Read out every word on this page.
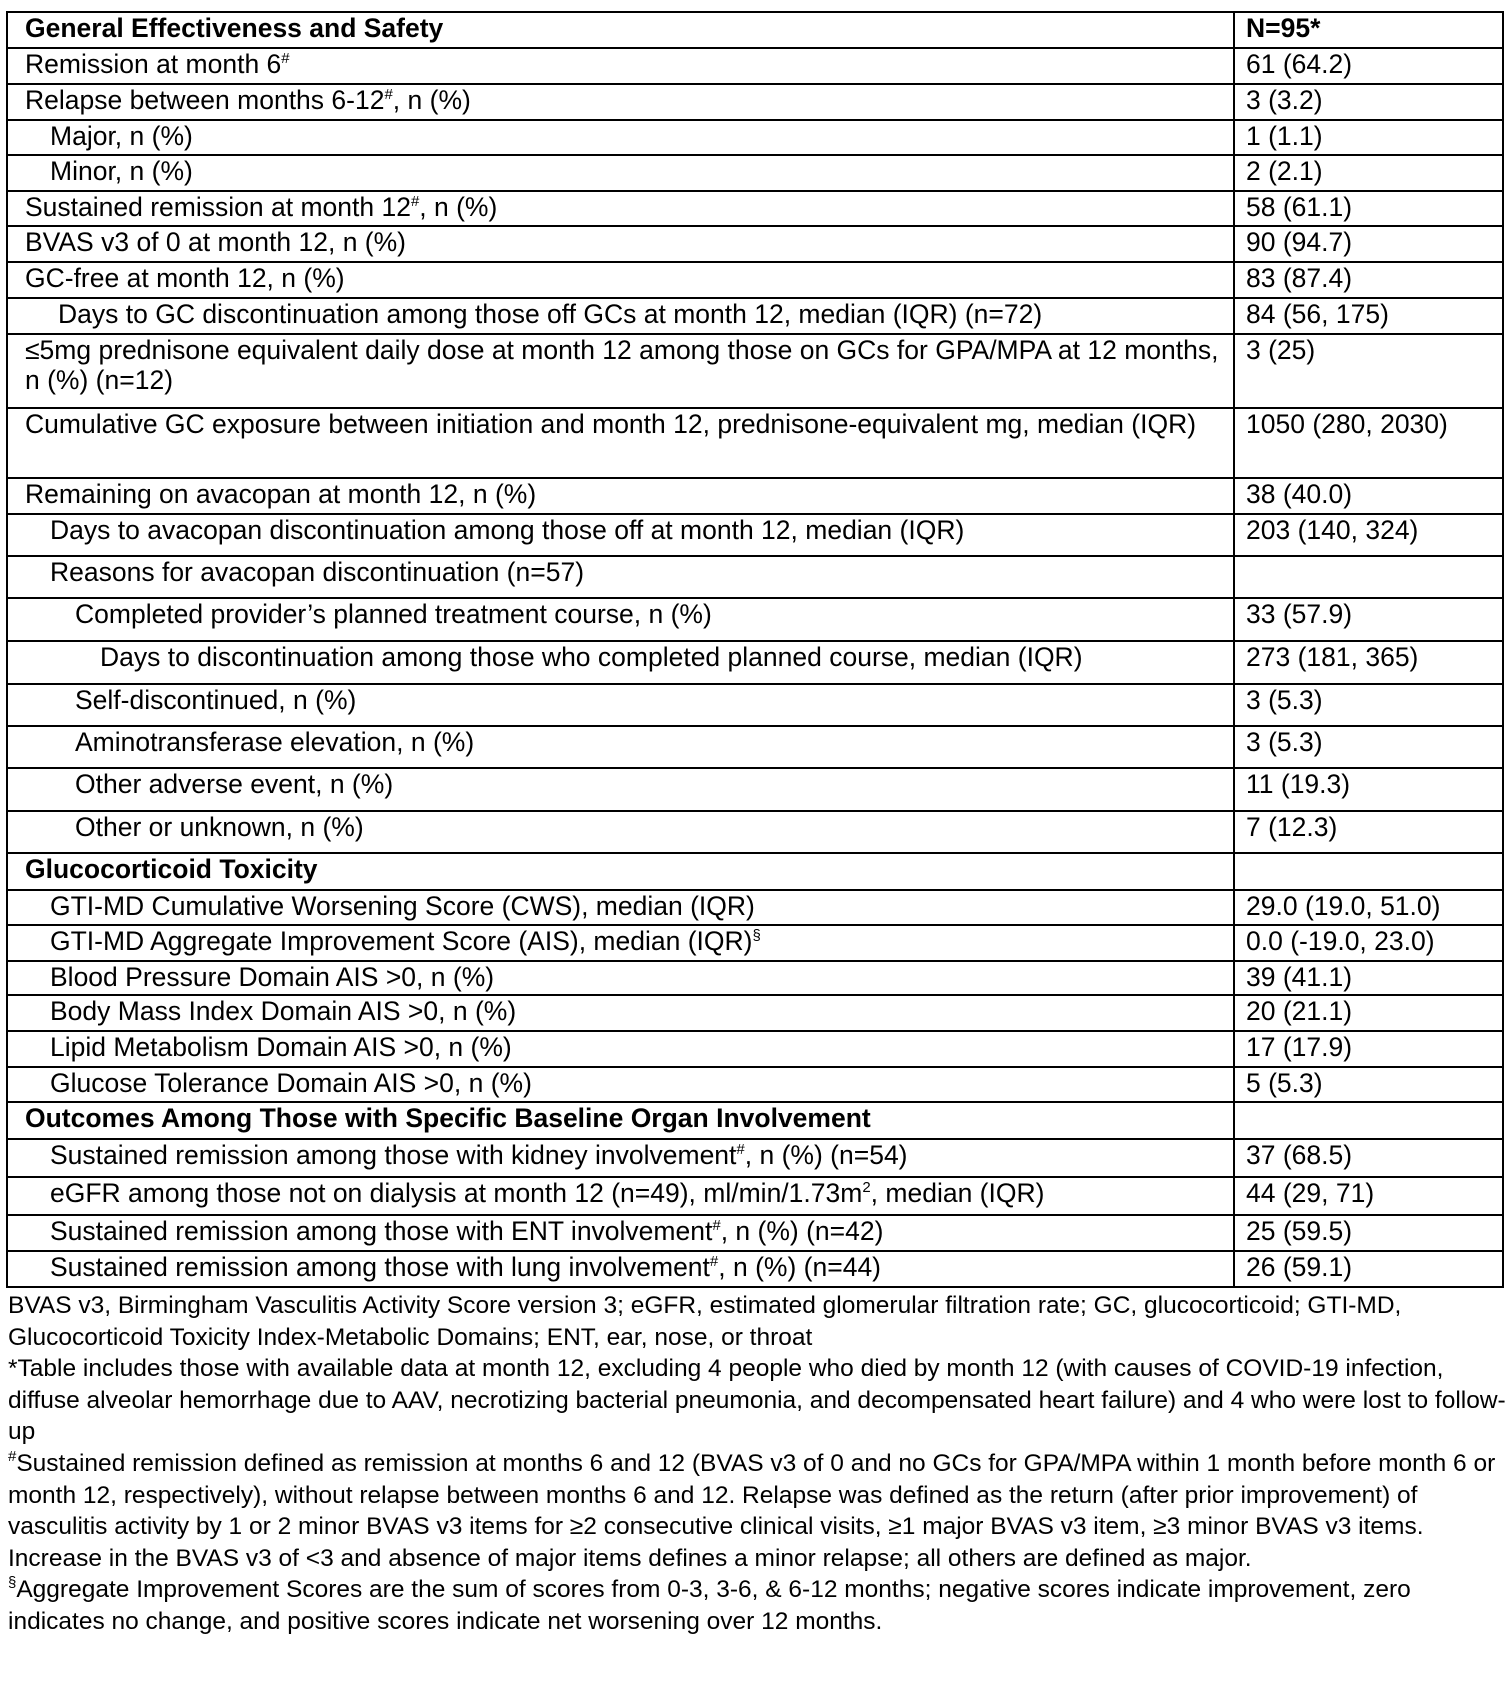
General Effectiveness and Safety	N=95*
Remission at month 6#	61 (64.2)
Relapse between months 6-12#, n (%)	3 (3.2)
Major, n (%)	1 (1.1)
Minor, n (%)	2 (2.1)
Sustained remission at month 12#, n (%)	58 (61.1)
BVAS v3 of 0 at month 12, n (%)	90 (94.7)
GC-free at month 12, n (%)	83 (87.4)
Days to GC discontinuation among those off GCs at month 12, median (IQR) (n=72)	84 (56, 175)
≤5mg prednisone equivalent daily dose at month 12 among those on GCs for GPA/MPA at 12 months, n (%) (n=12)	3 (25)
Cumulative GC exposure between initiation and month 12, prednisone-equivalent mg, median (IQR)	1050 (280, 2030)
Remaining on avacopan at month 12, n (%)	38 (40.0)
Days to avacopan discontinuation among those off at month 12, median (IQR)	203 (140, 324)
Reasons for avacopan discontinuation (n=57)	
Completed provider’s planned treatment course, n (%)	33 (57.9)
Days to discontinuation among those who completed planned course, median (IQR)	273 (181, 365)
Self-discontinued, n (%)	3 (5.3)
Aminotransferase elevation, n (%)	3 (5.3)
Other adverse event, n (%)	11 (19.3)
Other or unknown, n (%)	7 (12.3)
Glucocorticoid Toxicity	
GTI-MD Cumulative Worsening Score (CWS), median (IQR)	29.0 (19.0, 51.0)
GTI-MD Aggregate Improvement Score (AIS), median (IQR)§	0.0 (-19.0, 23.0)
Blood Pressure Domain AIS >0, n (%)	39 (41.1)
Body Mass Index Domain AIS >0, n (%)	20 (21.1)
Lipid Metabolism Domain AIS >0, n (%)	17 (17.9)
Glucose Tolerance Domain AIS >0, n (%)	5 (5.3)
Outcomes Among Those with Specific Baseline Organ Involvement	
Sustained remission among those with kidney involvement#, n (%) (n=54)	37 (68.5)
eGFR among those not on dialysis at month 12 (n=49), $ml/\min/1.73m^2$, median (IQR)	44 (29, 71)
Sustained remission among those with ENT involvement#, n (%) (n=42)	25 (59.5)
Sustained remission among those with lung involvement#, n (%) (n=44)	26 (59.1)

BVAS v3, Birmingham Vasculitis Activity Score version 3; eGFR, estimated glomerular filtration rate; GC, glucocorticoid; GTI-MD, Glucocorticoid Toxicity Index-Metabolic Domains; ENT, ear, nose, or throat

*Table includes those with available data at month 12, excluding 4 people who died by month 12 (with causes of COVID-19 infection, diffuse alveolar hemorrhage due to AAV, necrotizing bacterial pneumonia, and decompensated heart failure) and 4 who were lost to follow-up

#Sustained remission defined as remission at months 6 and 12 (BVAS v3 of 0 and no GCs for GPA/MPA within 1 month before month 6 or month 12, respectively), without relapse between months 6 and 12. Relapse was defined as the return (after prior improvement) of vasculitis activity by 1 or 2 minor BVAS v3 items for ≥2 consecutive clinical visits, ≥1 major BVAS v3 item, ≥3 minor BVAS v3 items. Increase in the BVAS v3 of <3 and absence of major items defines a minor relapse; all others are defined as major.

§Aggregate Improvement Scores are the sum of scores from 0-3, 3-6, & 6-12 months; negative scores indicate improvement, zero indicates no change, and positive scores indicate net worsening over 12 months.
